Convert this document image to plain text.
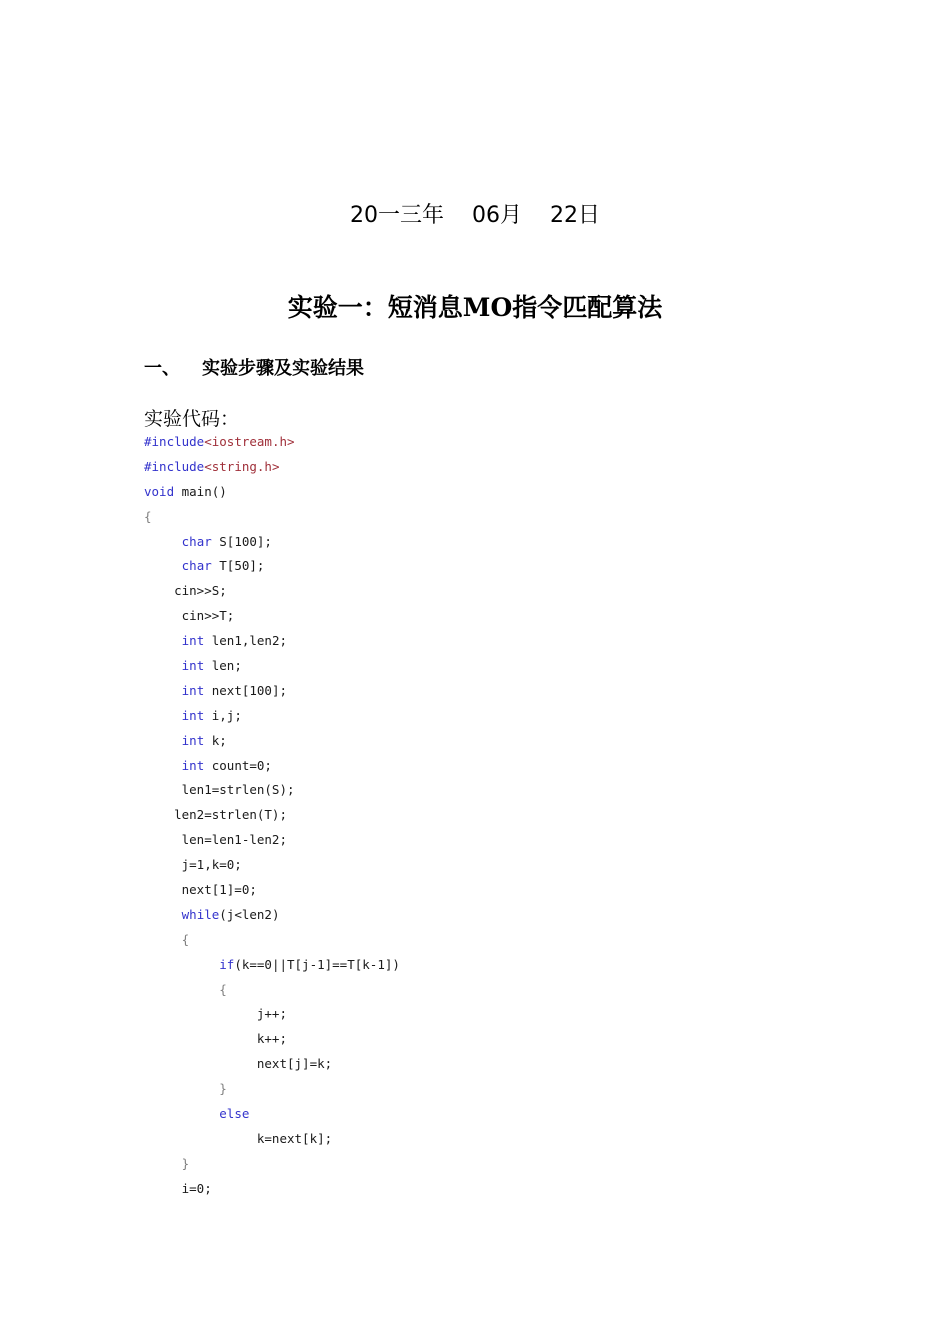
20一三年 06月 22日
实验一：短消息MO指令匹配算法
一、 实验步骤及实验结果
实验代码：
#include<iostream.h>
#include<string.h>
void main()
{
char S[100];
char T[50];
cin>>S;
cin>>T;
int len1,len2;
int len;
int next[100];
int i,j;
int k;
int count=0;
len1=strlen(S);
len2=strlen(T);
len=len1-len2;
j=1,k=0;
next[1]=0;
while(j<len2)
{
if(k==0||T[j-1]==T[k-1])
{
j++;
k++;
next[j]=k;
}
else
k=next[k];
}
i=0;
